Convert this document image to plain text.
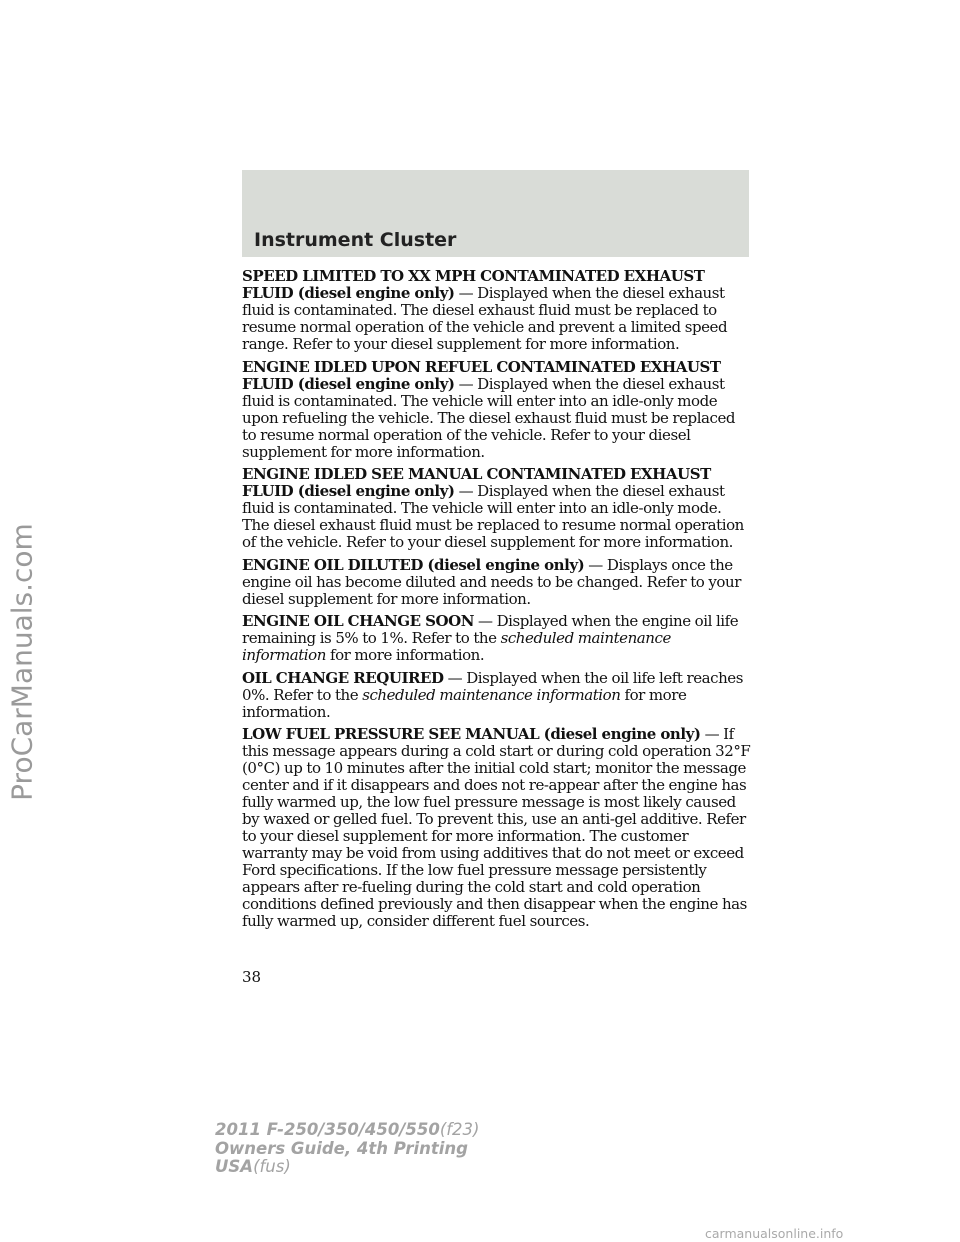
Instrument Cluster
ProCarManuals.com

SPEED LIMITED TO XX MPH CONTAMINATED EXHAUST FLUID (diesel engine only) — Displayed when the diesel exhaust fluid is contaminated. The diesel exhaust fluid must be replaced to resume normal operation of the vehicle and prevent a limited speed range. Refer to your diesel supplement for more information.

ENGINE IDLED UPON REFUEL CONTAMINATED EXHAUST FLUID (diesel engine only) — Displayed when the diesel exhaust fluid is contaminated. The vehicle will enter into an idle-only mode upon refueling the vehicle. The diesel exhaust fluid must be replaced to resume normal operation of the vehicle. Refer to your diesel supplement for more information.

ENGINE IDLED SEE MANUAL CONTAMINATED EXHAUST FLUID (diesel engine only) — Displayed when the diesel exhaust fluid is contaminated. The vehicle will enter into an idle-only mode. The diesel exhaust fluid must be replaced to resume normal operation of the vehicle. Refer to your diesel supplement for more information.

ENGINE OIL DILUTED (diesel engine only) — Displays once the engine oil has become diluted and needs to be changed. Refer to your diesel supplement for more information.

ENGINE OIL CHANGE SOON — Displayed when the engine oil life remaining is 5% to 1%. Refer to the scheduled maintenance information for more information.

OIL CHANGE REQUIRED — Displayed when the oil life left reaches 0%. Refer to the scheduled maintenance information for more information.

LOW FUEL PRESSURE SEE MANUAL (diesel engine only) — If this message appears during a cold start or during cold operation 32°F (0°C) up to 10 minutes after the initial cold start; monitor the message center and if it disappears and does not re-appear after the engine has fully warmed up, the low fuel pressure message is most likely caused by waxed or gelled fuel. To prevent this, use an anti-gel additive. Refer to your diesel supplement for more information. The customer warranty may be void from using additives that do not meet or exceed Ford specifications. If the low fuel pressure message persistently appears after re-fueling during the cold start and cold operation conditions defined previously and then disappear when the engine has fully warmed up, consider different fuel sources.

38
2011 F-250/350/450/550(f23)
Owners Guide, 4th Printing
USA(fus)
carmanualsonline.info
